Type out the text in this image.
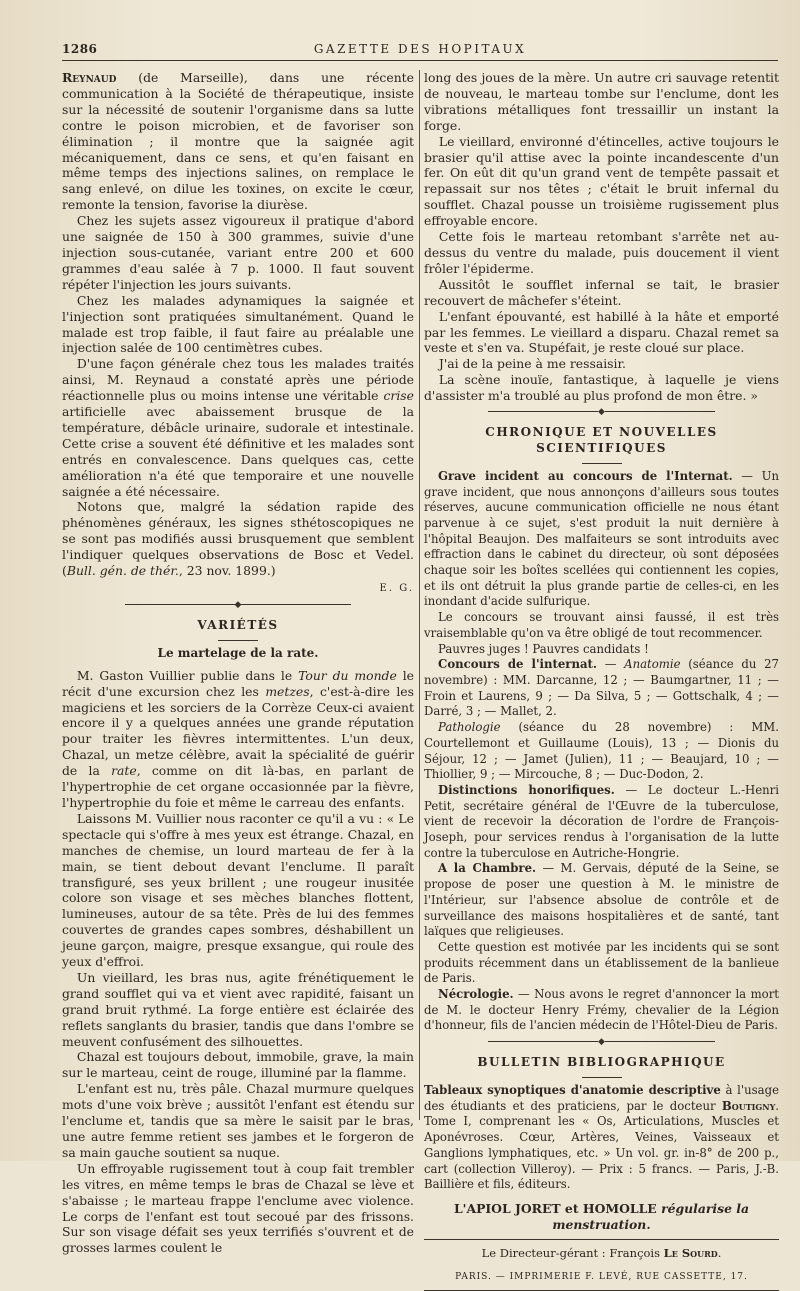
1286	GAZETTE DES HOPITAUX

Reynaud (de Marseille), dans une récente communication à la Société de thérapeutique, insiste sur la nécessité de soutenir l'organisme dans sa lutte contre le poison microbien, et de favoriser son élimination ; il montre que la saignée agit mécaniquement, dans ce sens, et qu'en faisant en même temps des injections salines, on remplace le sang enlevé, on dilue les toxines, on excite le cœur, remonte la tension, favorise la diurèse.

Chez les sujets assez vigoureux il pratique d'abord une saignée de 150 à 300 grammes, suivie d'une injection sous-cutanée, variant entre 200 et 600 grammes d'eau salée à 7 p. 1000. Il faut souvent répéter l'injection les jours suivants.

Chez les malades adynamiques la saignée et l'injection sont pratiquées simultanément. Quand le malade est trop faible, il faut faire au préalable une injection salée de 100 centimètres cubes.

D'une façon générale chez tous les malades traités ainsi, M. Reynaud a constaté après une période réactionnelle plus ou moins intense une véritable crise artificielle avec abaissement brusque de la température, débâcle urinaire, sudorale et intestinale. Cette crise a souvent été définitive et les malades sont entrés en convalescence. Dans quelques cas, cette amélioration n'a été que temporaire et une nouvelle saignée a été nécessaire.

Notons que, malgré la sédation rapide des phénomènes généraux, les signes sthétoscopiques ne se sont pas modifiés aussi brusquement que semblent l'indiquer quelques observations de Bosc et Vedel. (Bull. gén. de thér., 23 nov. 1899.)

E. G.

◆

VARIÉTÉS

Le martelage de la rate.

M. Gaston Vuillier publie dans le Tour du monde le récit d'une excursion chez les metzes, c'est-à-dire les magiciens et les sorciers de la Corrèze Ceux-ci avaient encore il y a quelques années une grande réputation pour traiter les fièvres intermittentes. L'un deux, Chazal, un metze célèbre, avait la spécialité de guérir de la rate, comme on dit là-bas, en parlant de l'hypertrophie de cet organe occasionnée par la fièvre, l'hypertrophie du foie et même le carreau des enfants.

Laissons M. Vuillier nous raconter ce qu'il a vu : « Le spectacle qui s'offre à mes yeux est étrange. Chazal, en manches de chemise, un lourd marteau de fer à la main, se tient debout devant l'enclume. Il paraît transfiguré, ses yeux brillent ; une rougeur inusitée colore son visage et ses mèches blanches flottent, lumineuses, autour de sa tête. Près de lui des femmes couvertes de grandes capes sombres, déshabillent un jeune garçon, maigre, presque exsangue, qui roule des yeux d'effroi.

Un vieillard, les bras nus, agite frénétiquement le grand soufflet qui va et vient avec rapidité, faisant un grand bruit rythmé. La forge entière est éclairée des reflets sanglants du brasier, tandis que dans l'ombre se meuvent confusément des silhouettes.

Chazal est toujours debout, immobile, grave, la main sur le marteau, ceint de rouge, illuminé par la flamme.

L'enfant est nu, très pâle. Chazal murmure quelques mots d'une voix brève ; aussitôt l'enfant est étendu sur l'enclume et, tandis que sa mère le saisit par le bras, une autre femme retient ses jambes et le forgeron de sa main gauche soutient sa nuque.

Un effroyable rugissement tout à coup fait trembler les vitres, en même temps le bras de Chazal se lève et s'abaisse ; le marteau frappe l'enclume avec violence. Le corps de l'enfant est tout secoué par des frissons. Sur son visage défait ses yeux terrifiés s'ouvrent et de grosses larmes coulent le

long des joues de la mère. Un autre cri sauvage retentit de nouveau, le marteau tombe sur l'enclume, dont les vibrations métalliques font tressaillir un instant la forge.

Le vieillard, environné d'étincelles, active toujours le brasier qu'il attise avec la pointe incandescente d'un fer. On eût dit qu'un grand vent de tempête passait et repassait sur nos têtes ; c'était le bruit infernal du soufflet. Chazal pousse un troisième rugissement plus effroyable encore.

Cette fois le marteau retombant s'arrête net au-dessus du ventre du malade, puis doucement il vient frôler l'épiderme.

Aussitôt le soufflet infernal se tait, le brasier recouvert de mâchefer s'éteint.

L'enfant épouvanté, est habillé à la hâte et emporté par les femmes. Le vieillard a disparu. Chazal remet sa veste et s'en va. Stupéfait, je reste cloué sur place.

J'ai de la peine à me ressaisir.

La scène inouïe, fantastique, à laquelle je viens d'assister m'a troublé au plus profond de mon être. »

◆

CHRONIQUE ET NOUVELLES SCIENTIFIQUES

Grave incident au concours de l'Internat. — Un grave incident, que nous annonçons d'ailleurs sous toutes réserves, aucune communication officielle ne nous étant parvenue à ce sujet, s'est produit la nuit dernière à l'hôpital Beaujon. Des malfaiteurs se sont introduits avec effraction dans le cabinet du directeur, où sont déposées chaque soir les boîtes scellées qui contiennent les copies, et ils ont détruit la plus grande partie de celles-ci, en les inondant d'acide sulfurique.

Le concours se trouvant ainsi faussé, il est très vraisemblable qu'on va être obligé de tout recommencer.

Pauvres juges ! Pauvres candidats !

Concours de l'internat. — Anatomie (séance du 27 novembre) : MM. Darcanne, 12 ; — Baumgartner, 11 ; — Froin et Laurens, 9 ; — Da Silva, 5 ; — Gottschalk, 4 ; — Darré, 3 ; — Mallet, 2.

Pathologie (séance du 28 novembre) : MM. Courtellemont et Guillaume (Louis), 13 ; — Dionis du Séjour, 12 ; — Jamet (Julien), 11 ; — Beaujard, 10 ; — Thiollier, 9 ; — Mircouche, 8 ; — Duc-Dodon, 2.

Distinctions honorifiques. — Le docteur L.-Henri Petit, secrétaire général de l'Œuvre de la tuberculose, vient de recevoir la décoration de l'ordre de François-Joseph, pour services rendus à l'organisation de la lutte contre la tuberculose en Autriche-Hongrie.

A la Chambre. — M. Gervais, député de la Seine, se propose de poser une question à M. le ministre de l'Intérieur, sur l'absence absolue de contrôle et de surveillance des maisons hospitalières et de santé, tant laïques que religieuses.

Cette question est motivée par les incidents qui se sont produits récemment dans un établissement de la banlieue de Paris.

Nécrologie. — Nous avons le regret d'annoncer la mort de M. le docteur Henry Frémy, chevalier de la Légion d'honneur, fils de l'ancien médecin de l'Hôtel-Dieu de Paris.

◆

BULLETIN BIBLIOGRAPHIQUE

Tableaux synoptiques d'anatomie descriptive à l'usage des étudiants et des praticiens, par le docteur Boutigny. Tome I, comprenant les « Os, Articulations, Muscles et Aponévroses. Cœur, Artères, Veines, Vaisseaux et Ganglions lymphatiques, etc. » Un vol. gr. in-8° de 200 p., cart (collection Villeroy). — Prix : 5 francs. — Paris, J.-B. Baillière et fils, éditeurs.

L'APIOL JORET et HOMOLLE régularise la menstruation.

Le Directeur-gérant : François Le Sourd.

PARIS. — IMPRIMERIE F. LEVÉ, RUE CASSETTE, 17.
